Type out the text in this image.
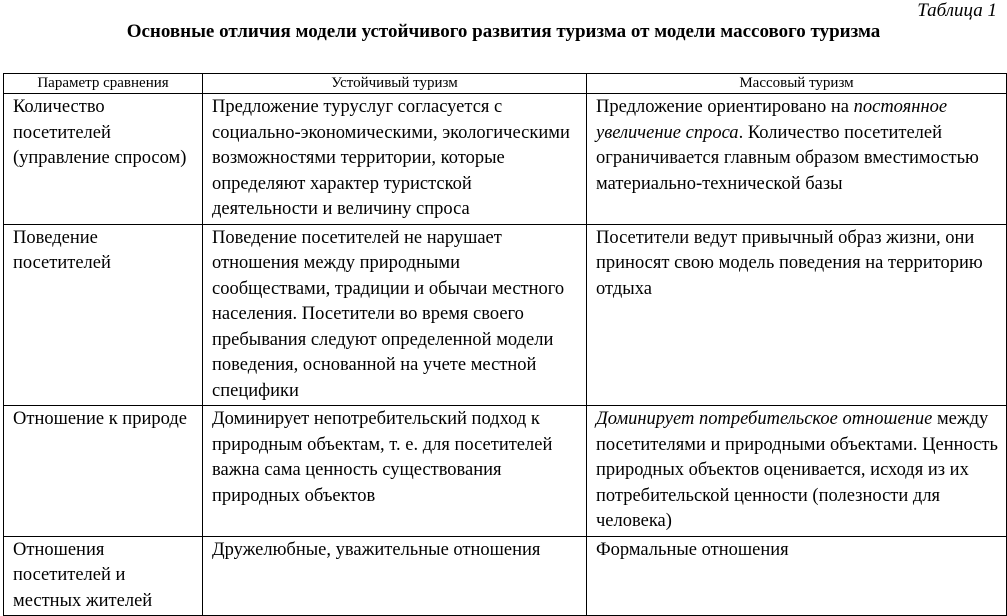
Таблица 1
Основные отличия модели устойчивого развития туризма от модели массового туризма
Параметр сравнения	Устойчивый туризм	Массовый туризм
Количество посетителей (управление спросом)	Предложение туруслуг согласуется с социально-экономическими, экологическими возможностями территории, которые определяют характер туристской деятельности и величину спроса	Предложение ориентировано на постоянное увеличение спроса. Количество посетителей ограничивается главным образом вместимостью материально-технической базы
Поведение посетителей	Поведение посетителей не нарушает отношения между природными сообществами, традиции и обычаи местного населения. Посетители во время своего пребывания следуют определенной модели поведения, основанной на учете местной специфики	Посетители ведут привычный образ жизни, они приносят свою модель поведения на территорию отдыха
Отношение к природе	Доминирует непотребительский подход к природным объектам, т. е. для посетителей важна сама ценность существования природных объектов	Доминирует потребительское отношение между посетителями и природными объектами. Ценность природных объектов оценивается, исходя из их потребительской ценности (полезности для человека)
Отношения посетителей и местных жителей	Дружелюбные, уважительные отношения	Формальные отношения
